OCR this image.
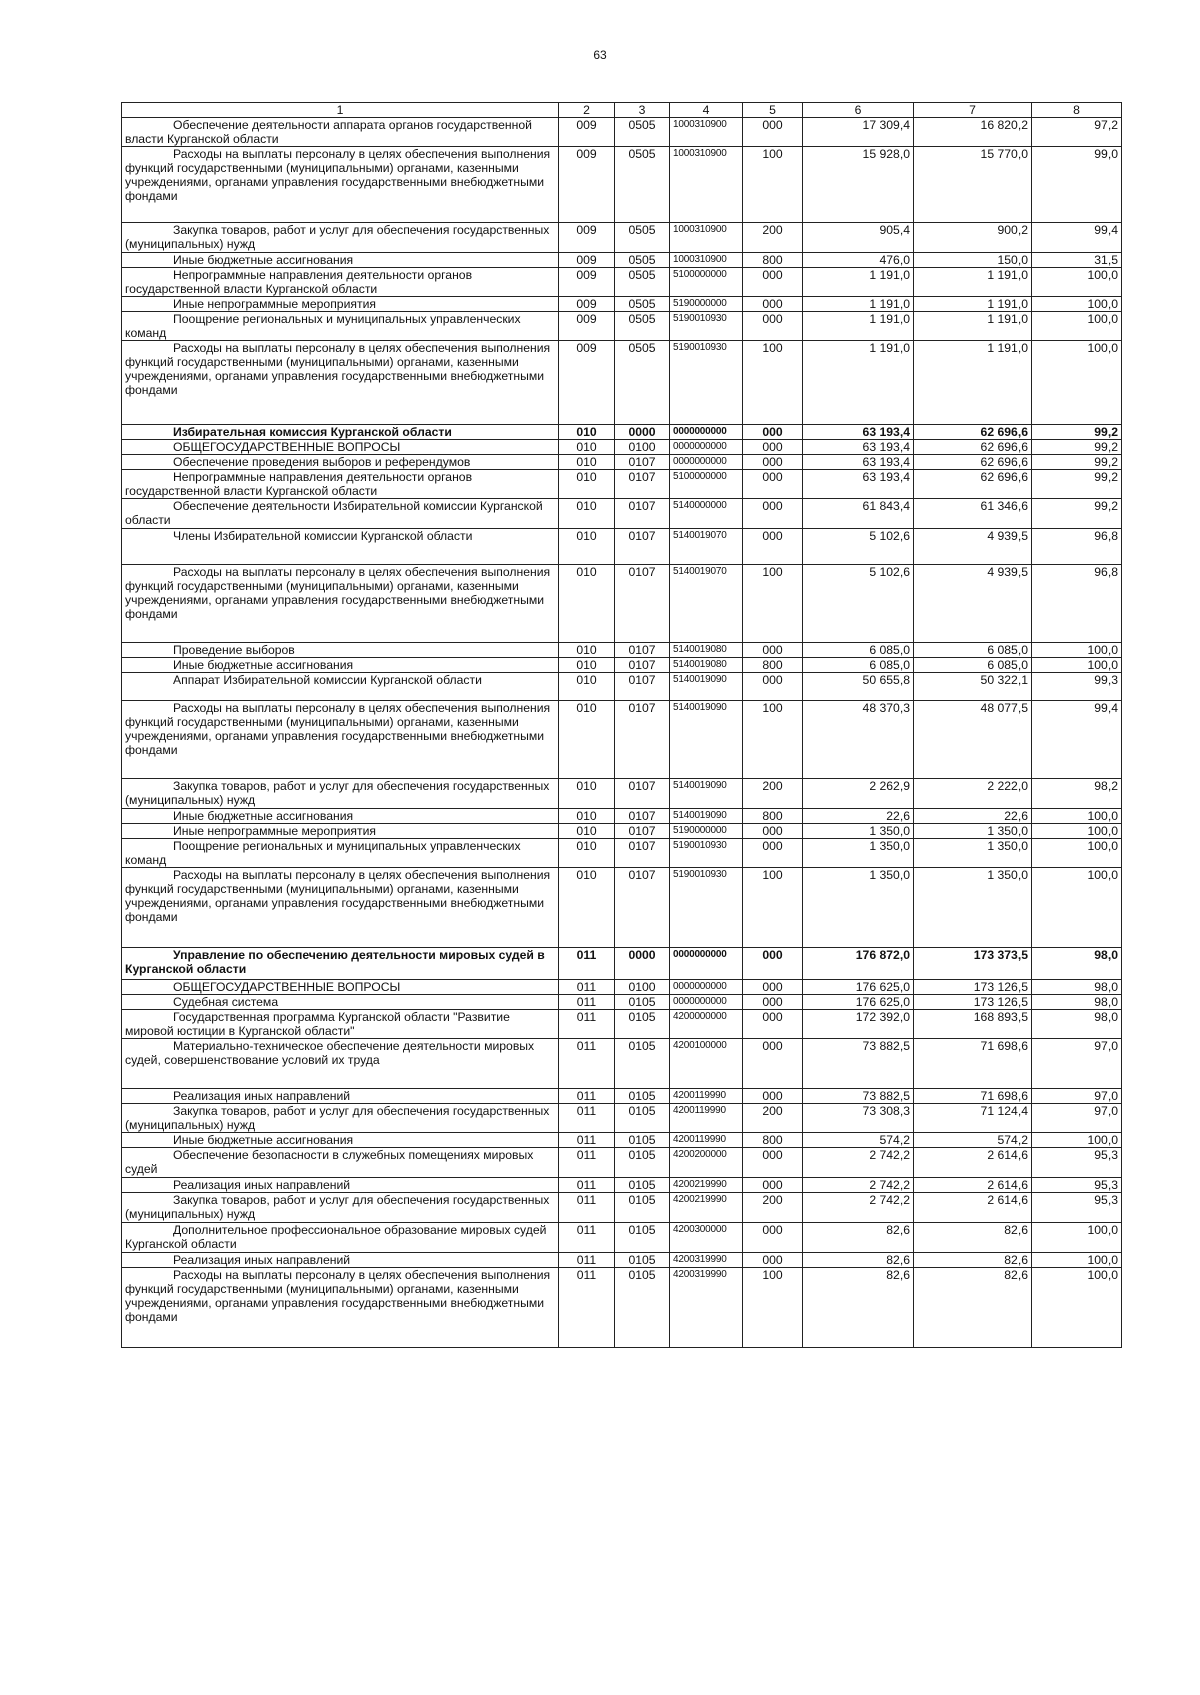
63
1	2	3	4	5	6	7	8
Обеспечение деятельности аппарата органов государственной власти Курганской области	009	0505	1000310900	000	17 309,4	16 820,2	97,2
Расходы на выплаты персоналу в целях обеспечения выполнения функций государственными (муниципальными) органами, казенными учреждениями, органами управления государственными внебюджетными фондами	009	0505	1000310900	100	15 928,0	15 770,0	99,0
Закупка товаров, работ и услуг для обеспечения государственных (муниципальных) нужд	009	0505	1000310900	200	905,4	900,2	99,4
Иные бюджетные ассигнования	009	0505	1000310900	800	476,0	150,0	31,5
Непрограммные направления деятельности органов государственной власти Курганской области	009	0505	5100000000	000	1 191,0	1 191,0	100,0
Иные непрограммные мероприятия	009	0505	5190000000	000	1 191,0	1 191,0	100,0
Поощрение региональных и муниципальных управленческих команд	009	0505	5190010930	000	1 191,0	1 191,0	100,0
Расходы на выплаты персоналу в целях обеспечения выполнения функций государственными (муниципальными) органами, казенными учреждениями, органами управления государственными внебюджетными фондами	009	0505	5190010930	100	1 191,0	1 191,0	100,0
Избирательная комиссия Курганской области	010	0000	0000000000	000	63 193,4	62 696,6	99,2
ОБЩЕГОСУДАРСТВЕННЫЕ ВОПРОСЫ	010	0100	0000000000	000	63 193,4	62 696,6	99,2
Обеспечение проведения выборов и референдумов	010	0107	0000000000	000	63 193,4	62 696,6	99,2
Непрограммные направления деятельности органов государственной власти Курганской области	010	0107	5100000000	000	63 193,4	62 696,6	99,2
Обеспечение деятельности Избирательной комиссии Курганской области	010	0107	5140000000	000	61 843,4	61 346,6	99,2
Члены Избирательной комиссии Курганской области	010	0107	5140019070	000	5 102,6	4 939,5	96,8
Расходы на выплаты персоналу в целях обеспечения выполнения функций государственными (муниципальными) органами, казенными учреждениями, органами управления государственными внебюджетными фондами	010	0107	5140019070	100	5 102,6	4 939,5	96,8
Проведение выборов	010	0107	5140019080	000	6 085,0	6 085,0	100,0
Иные бюджетные ассигнования	010	0107	5140019080	800	6 085,0	6 085,0	100,0
Аппарат Избирательной комиссии Курганской области	010	0107	5140019090	000	50 655,8	50 322,1	99,3
Расходы на выплаты персоналу в целях обеспечения выполнения функций государственными (муниципальными) органами, казенными учреждениями, органами управления государственными внебюджетными фондами	010	0107	5140019090	100	48 370,3	48 077,5	99,4
Закупка товаров, работ и услуг для обеспечения государственных (муниципальных) нужд	010	0107	5140019090	200	2 262,9	2 222,0	98,2
Иные бюджетные ассигнования	010	0107	5140019090	800	22,6	22,6	100,0
Иные непрограммные мероприятия	010	0107	5190000000	000	1 350,0	1 350,0	100,0
Поощрение региональных и муниципальных управленческих команд	010	0107	5190010930	000	1 350,0	1 350,0	100,0
Расходы на выплаты персоналу в целях обеспечения выполнения функций государственными (муниципальными) органами, казенными учреждениями, органами управления государственными внебюджетными фондами	010	0107	5190010930	100	1 350,0	1 350,0	100,0
Управление по обеспечению деятельности мировых судей в Курганской области	011	0000	0000000000	000	176 872,0	173 373,5	98,0
ОБЩЕГОСУДАРСТВЕННЫЕ ВОПРОСЫ	011	0100	0000000000	000	176 625,0	173 126,5	98,0
Судебная система	011	0105	0000000000	000	176 625,0	173 126,5	98,0
Государственная программа Курганской области "Развитие мировой юстиции в Курганской области"	011	0105	4200000000	000	172 392,0	168 893,5	98,0
Материально-техническое обеспечение деятельности мировых судей, совершенствование условий их труда	011	0105	4200100000	000	73 882,5	71 698,6	97,0
Реализация иных направлений	011	0105	4200119990	000	73 882,5	71 698,6	97,0
Закупка товаров, работ и услуг для обеспечения государственных (муниципальных) нужд	011	0105	4200119990	200	73 308,3	71 124,4	97,0
Иные бюджетные ассигнования	011	0105	4200119990	800	574,2	574,2	100,0
Обеспечение безопасности в служебных помещениях мировых судей	011	0105	4200200000	000	2 742,2	2 614,6	95,3
Реализация иных направлений	011	0105	4200219990	000	2 742,2	2 614,6	95,3
Закупка товаров, работ и услуг для обеспечения государственных (муниципальных) нужд	011	0105	4200219990	200	2 742,2	2 614,6	95,3
Дополнительное профессиональное образование мировых судей Курганской области	011	0105	4200300000	000	82,6	82,6	100,0
Реализация иных направлений	011	0105	4200319990	000	82,6	82,6	100,0
Расходы на выплаты персоналу в целях обеспечения выполнения функций государственными (муниципальными) органами, казенными учреждениями, органами управления государственными внебюджетными фондами	011	0105	4200319990	100	82,6	82,6	100,0
